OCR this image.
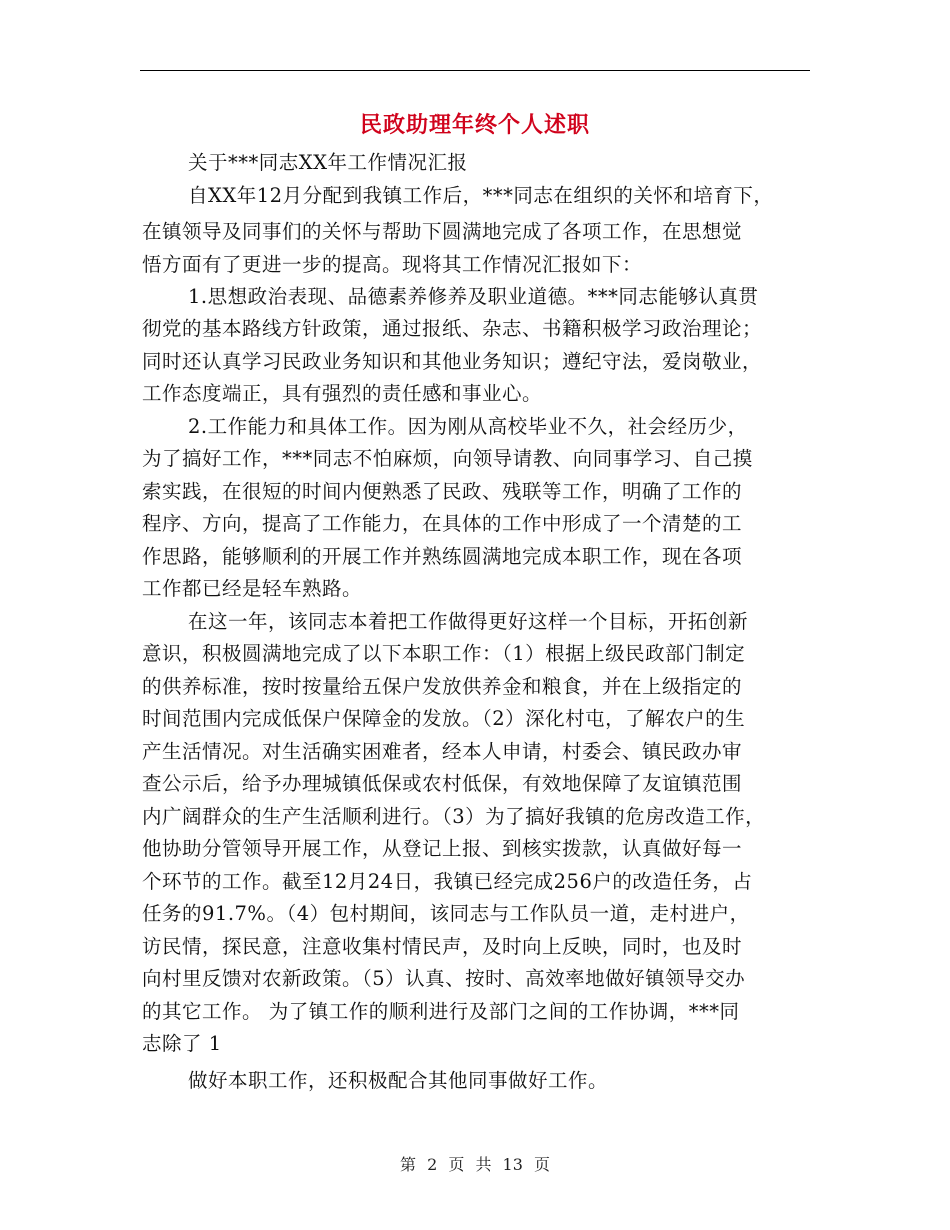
民政助理年终个人述职
关于***同志XX年工作情况汇报
自XX年12月分配到我镇工作后，***同志在组织的关怀和培育下，
在镇领导及同事们的关怀与帮助下圆满地完成了各项工作，在思想觉
悟方面有了更进一步的提高。现将其工作情况汇报如下：
1.思想政治表现、品德素养修养及职业道德。***同志能够认真贯
彻党的基本路线方针政策，通过报纸、杂志、书籍积极学习政治理论；
同时还认真学习民政业务知识和其他业务知识；遵纪守法，爱岗敬业，
工作态度端正，具有强烈的责任感和事业心。
2.工作能力和具体工作。因为刚从高校毕业不久，社会经历少，
为了搞好工作，***同志不怕麻烦，向领导请教、向同事学习、自己摸
索实践，在很短的时间内便熟悉了民政、残联等工作，明确了工作的
程序、方向，提高了工作能力，在具体的工作中形成了一个清楚的工
作思路，能够顺利的开展工作并熟练圆满地完成本职工作，现在各项
工作都已经是轻车熟路。
在这一年，该同志本着把工作做得更好这样一个目标，开拓创新
意识，积极圆满地完成了以下本职工作：（1）根据上级民政部门制定
的供养标准，按时按量给五保户发放供养金和粮食，并在上级指定的
时间范围内完成低保户保障金的发放。（2）深化村屯，了解农户的生
产生活情况。对生活确实困难者，经本人申请，村委会、镇民政办审
查公示后，给予办理城镇低保或农村低保，有效地保障了友谊镇范围
内广阔群众的生产生活顺利进行。（3）为了搞好我镇的危房改造工作，
他协助分管领导开展工作，从登记上报、到核实拨款，认真做好每一
个环节的工作。截至12月24日，我镇已经完成256户的改造任务，占
任务的91.7%。（4）包村期间，该同志与工作队员一道，走村进户，
访民情，探民意，注意收集村情民声，及时向上反映，同时，也及时
向村里反馈对农新政策。（5）认真、按时、高效率地做好镇领导交办
的其它工作。 为了镇工作的顺利进行及部门之间的工作协调，***同
志除了 1
做好本职工作，还积极配合其他同事做好工作。
第 2 页 共 13 页
